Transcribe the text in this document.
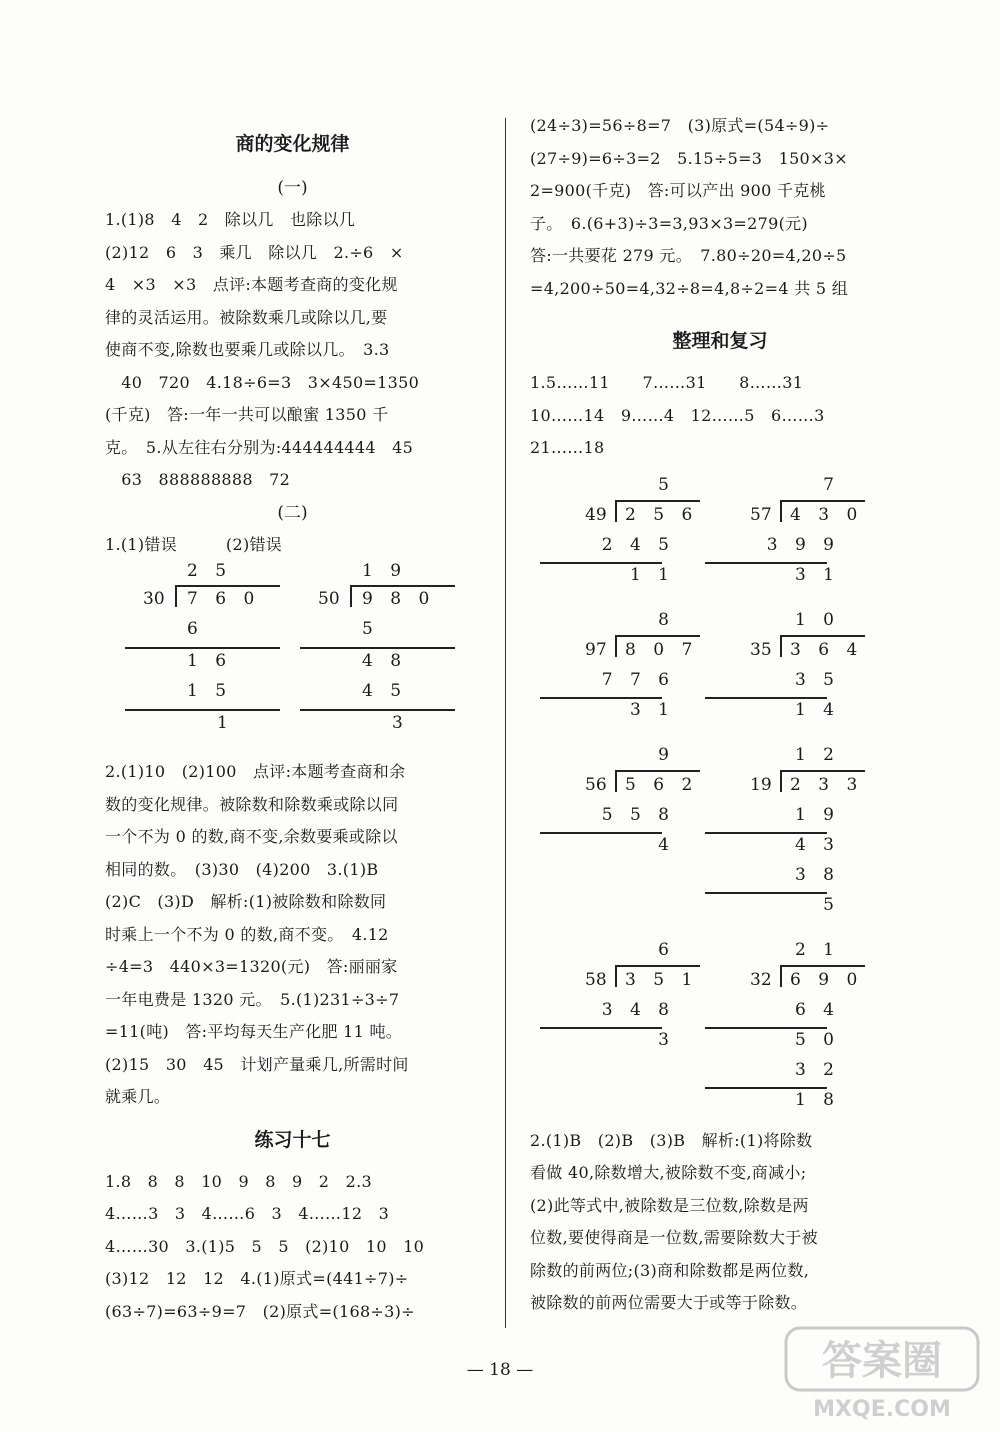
商的变化规律

(一)

1.(1)8　4　2　除以几　也除以几

(2)12　6　3　乘几　除以几　2.÷6　×

4　×3　×3　点评:本题考查商的变化规

律的灵活运用。被除数乘几或除以几,要

使商不变,除数也要乘几或除以几。　3.3

　40　720　4.18÷6=3　3×450=1350

(千克)　答:一年一共可以酿蜜 1350 千

克。　5.从左往右分别为:444444444　45

　63　888888888　72

(二)

1.(1)错误　　　(2)错误

2 5
30 7 6 0
6
1 6
1 5
1
1 9
50 9 8 0
5
4 8
4 5
3

2.(1)10　(2)100　点评:本题考查商和余

数的变化规律。被除数和除数乘或除以同

一个不为 0 的数,商不变,余数要乘或除以

相同的数。　(3)30　(4)200　3.(1)B

(2)C　(3)D　解析:(1)被除数和除数同

时乘上一个不为 0 的数,商不变。　4.12

÷4=3　440×3=1320(元)　答:丽丽家

一年电费是 1320 元。　5.(1)231÷3÷7

=11(吨)　答:平均每天生产化肥 11 吨。

(2)15　30　45　计划产量乘几,所需时间

就乘几。

练习十七

1.8　8　8　10　9　8　9　2　2.3

4……3　3　4……6　3　4……12　3

4……30　3.(1)5　5　5　(2)10　10　10

(3)12　12　12　4.(1)原式=(441÷7)÷

(63÷7)=63÷9=7　(2)原式=(168÷3)÷

(24÷3)=56÷8=7　(3)原式=(54÷9)÷

(27÷9)=6÷3=2　5.15÷5=3　150×3×

2=900(千克)　答:可以产出 900 千克桃

子。　6.(6+3)÷3=3,93×3=279(元)

答:一共要花 279 元。　7.80÷20=4,20÷5

=4,200÷50=4,32÷8=4,8÷2=4 共 5 组

整理和复习

1.5……11　　7……31　　8……31

10……14　9……4　12……5　6……3

21……18

5
49 2 5 6
2 4 5
1 1
7
57 4 3 0
3 9 9
3 1
8
97 8 0 7
7 7 6
3 1
1 0
35 3 6 4
3 5
1 4
9
56 5 6 2
5 5 8
4
1 2
19 2 3 3
1 9
4 3
3 8
5
6
58 3 5 1
3 4 8
3
2 1
32 6 9 0
6 4
5 0
3 2
1 8

2.(1)B　(2)B　(3)B　解析:(1)将除数

看做 40,除数增大,被除数不变,商减小;

(2)此等式中,被除数是三位数,除数是两

位数,要使得商是一位数,需要除数大于被

除数的前两位;(3)商和除数都是两位数,

被除数的前两位需要大于或等于除数。

— 18 —	答案圈
MXQE.COM
